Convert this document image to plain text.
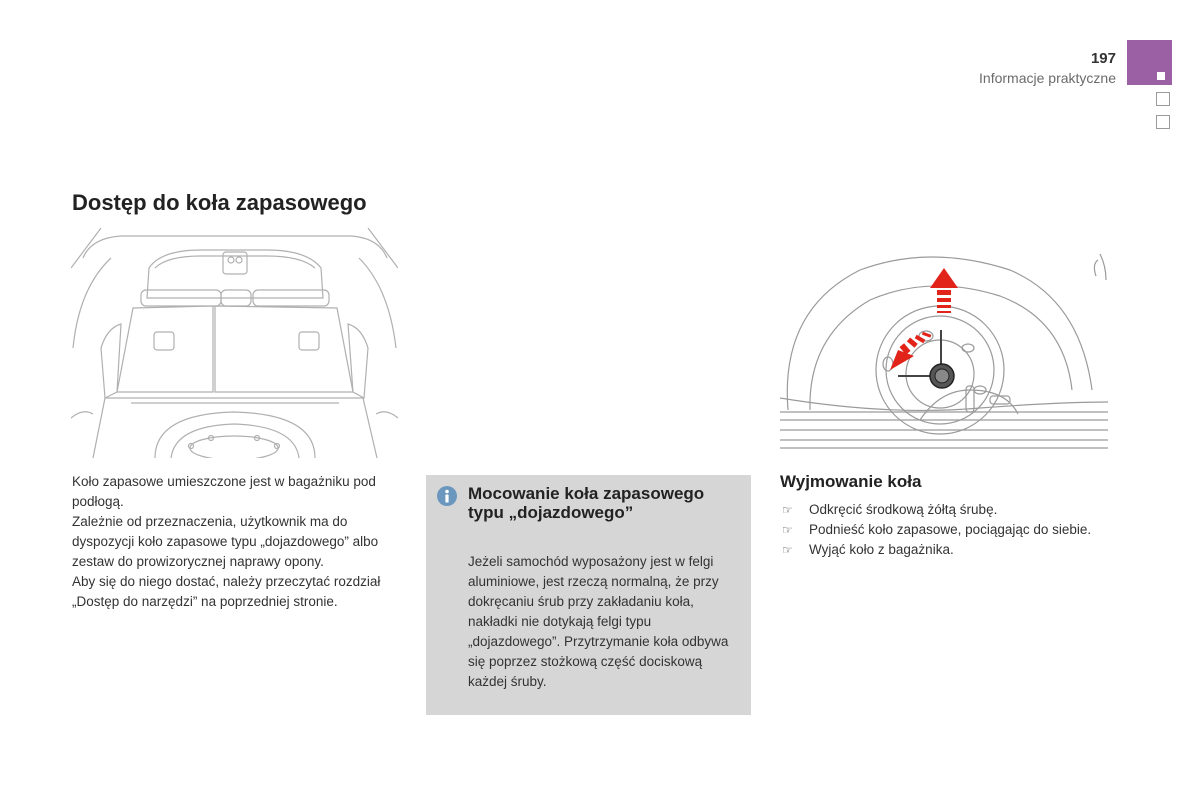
197
Informacje praktyczne
Dostęp do koła zapasowego

Koło zapasowe umieszczone jest w bagażniku pod podłogą.

Zależnie od przeznaczenia, użytkownik ma do dyspozycji koło zapasowe typu „dojazdowego” albo zestaw do prowizorycznej naprawy opony.

Aby się do niego dostać, należy przeczytać rozdział „Dostęp do narzędzi” na poprzedniej stronie.

Mocowanie koła zapasowego typu „dojazdowego”
Jeżeli samochód wyposażony jest w felgi aluminiowe, jest rzeczą normalną, że przy dokręcaniu śrub przy zakładaniu koła, nakładki nie dotykają felgi typu „dojazdowego”. Przytrzymanie koła odbywa się poprzez stożkową część dociskową każdej śruby.
Wyjmowanie koła
☞ Odkręcić środkową żółtą śrubę.
☞ Podnieść koło zapasowe, pociągając do siebie.
☞ Wyjąć koło z bagażnika.
